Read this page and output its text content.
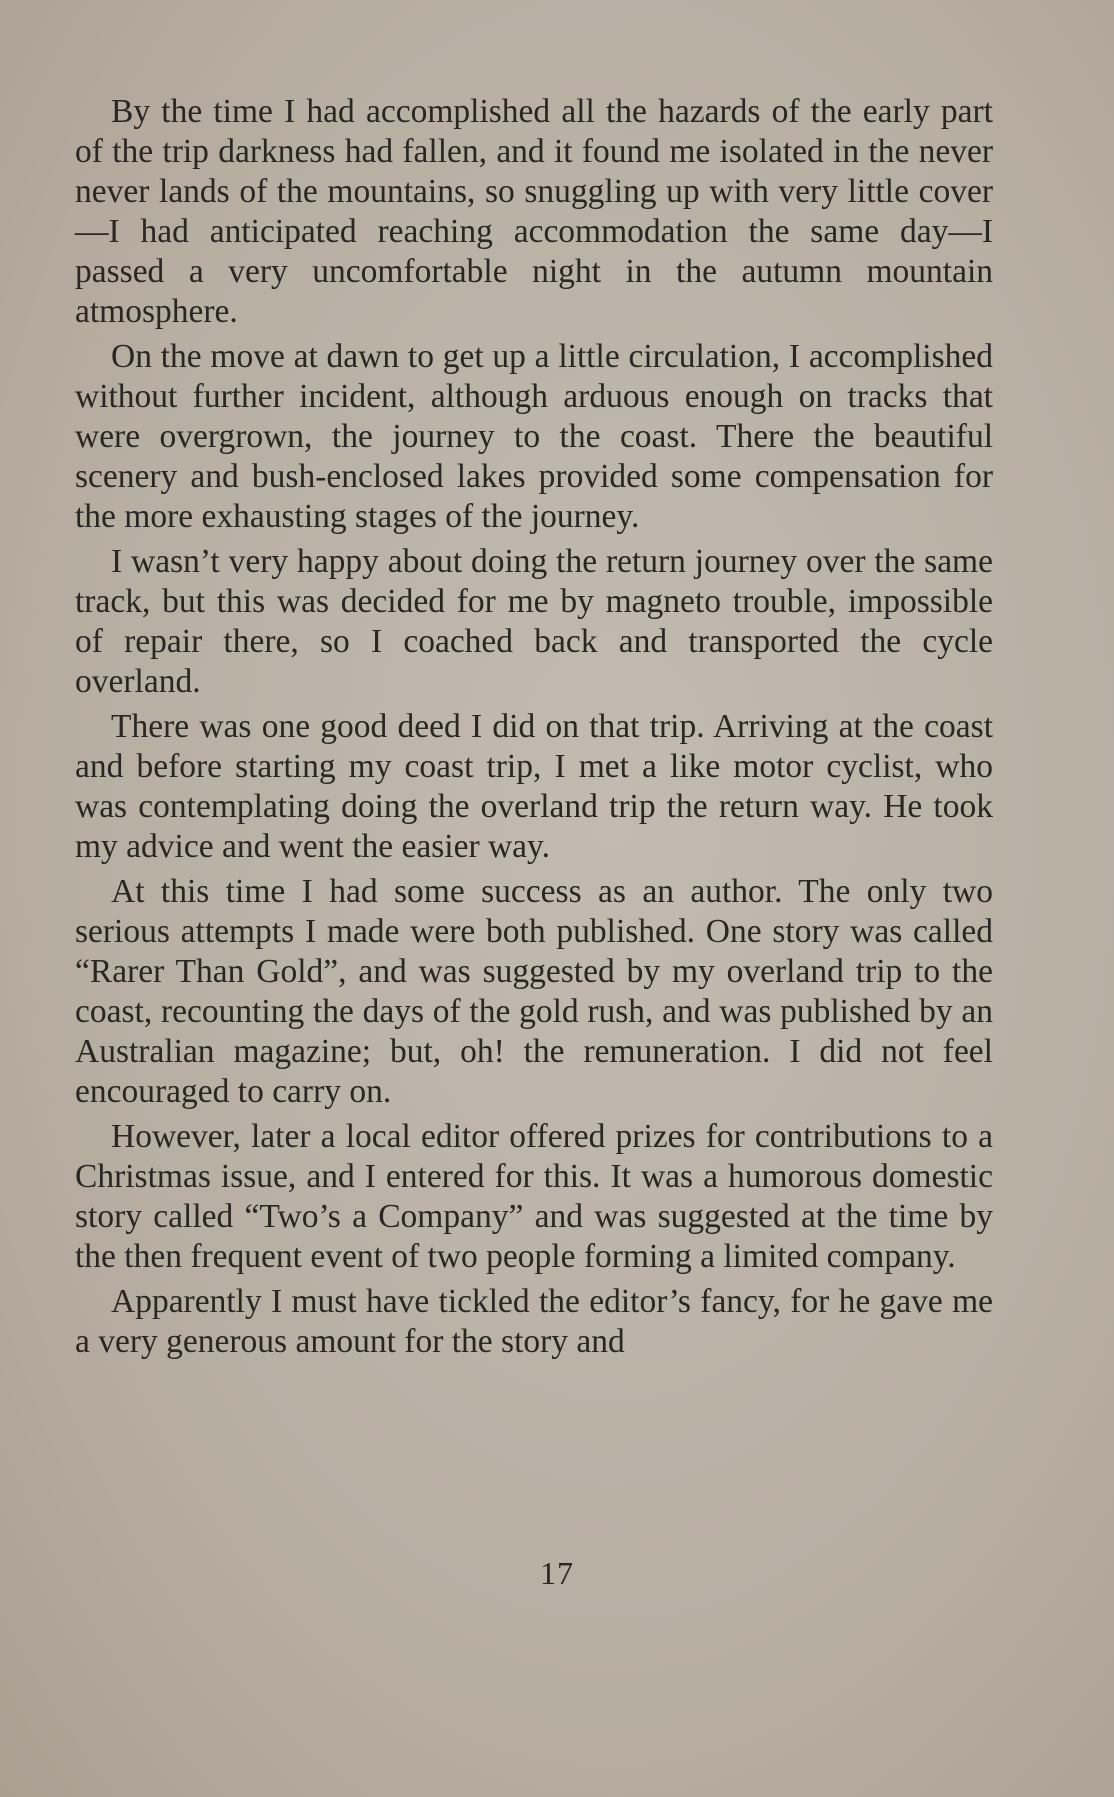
By the time I had accomplished all the hazards of the early part of the trip darkness had fallen, and it found me isolated in the never never lands of the mountains, so snuggling up with very little cover—I had anticipated reaching accommodation the same day—I passed a very uncomfortable night in the autumn mountain atmosphere.

On the move at dawn to get up a little circulation, I accomplished without further incident, although arduous enough on tracks that were overgrown, the journey to the coast. There the beautiful scenery and bush-enclosed lakes provided some compensation for the more exhausting stages of the journey.

I wasn’t very happy about doing the return journey over the same track, but this was decided for me by magneto trouble, impossible of repair there, so I coached back and transported the cycle overland.

There was one good deed I did on that trip. Arriving at the coast and before starting my coast trip, I met a like motor cyclist, who was contemplating doing the overland trip the return way. He took my advice and went the easier way.

At this time I had some success as an author. The only two serious attempts I made were both published. One story was called “Rarer Than Gold”, and was suggested by my overland trip to the coast, recounting the days of the gold rush, and was published by an Australian magazine; but, oh! the remuneration. I did not feel encouraged to carry on.

However, later a local editor offered prizes for contributions to a Christmas issue, and I entered for this. It was a humorous domestic story called “Two’s a Company” and was suggested at the time by the then frequent event of two people forming a limited company.

Apparently I must have tickled the editor’s fancy, for he gave me a very generous amount for the story and

17
